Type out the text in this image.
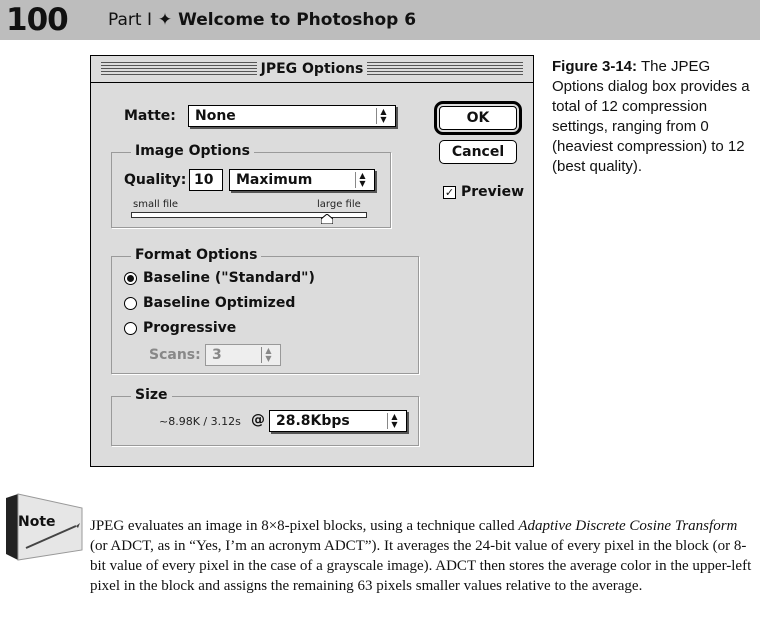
100 Part I ✦ Welcome to Photoshop 6
JPEG Options
Matte:	None	▲
▼
Image Options
Quality: 10	Maximum	▲
▼
small file	large file
Format Options
Baseline ("Standard")
Baseline Optimized
Progressive
Scans: 3	▲
▼
Size
~8.98K / 3.12s @ 28.8Kbps	▲
▼
OK
Cancel
✓ Preview
Figure 3-14: The JPEG Options dialog box provides a total of 12 compression settings, ranging from 0 (heaviest compression) to 12 (best quality).
Note JPEG evaluates an image in 8×8-pixel blocks, using a technique called Adaptive Discrete Cosine Transform (or ADCT, as in “Yes, I’m an acronym ADCT”). It averages the 24-bit value of every pixel in the block (or 8-bit value of every pixel in the case of a grayscale image). ADCT then stores the average color in the upper-left pixel in the block and assigns the remaining 63 pixels smaller values relative to the average.
